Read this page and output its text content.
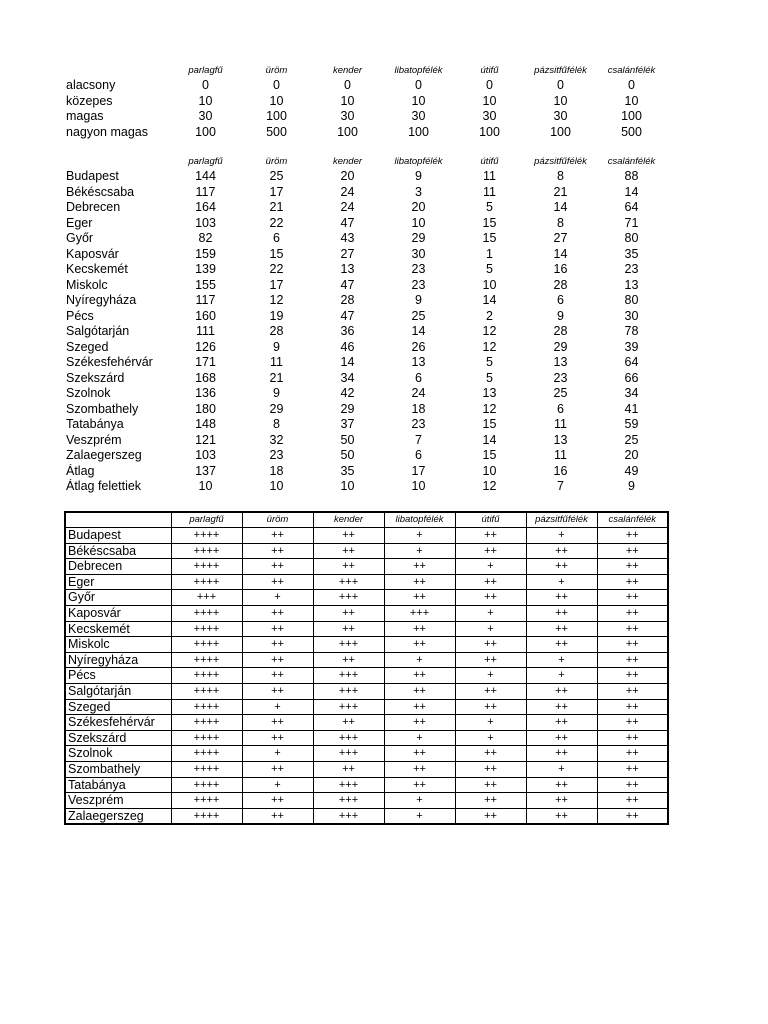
	parlagfű	üröm	kender	libatopfélék	útifű	pázsitfűfélék	csalánfélék
alacsony	0	0	0	0	0	0	0
közepes	10	10	10	10	10	10	10
magas	30	100	30	30	30	30	100
nagyon magas	100	500	100	100	100	100	500
	parlagfű	üröm	kender	libatopfélék	útifű	pázsitfűfélék	csalánfélék
Budapest	144	25	20	9	11	8	88
Békéscsaba	117	17	24	3	11	21	14
Debrecen	164	21	24	20	5	14	64
Eger	103	22	47	10	15	8	71
Győr	82	6	43	29	15	27	80
Kaposvár	159	15	27	30	1	14	35
Kecskemét	139	22	13	23	5	16	23
Miskolc	155	17	47	23	10	28	13
Nyíregyháza	117	12	28	9	14	6	80
Pécs	160	19	47	25	2	9	30
Salgótarján	111	28	36	14	12	28	78
Szeged	126	9	46	26	12	29	39
Székesfehérvár	171	11	14	13	5	13	64
Szekszárd	168	21	34	6	5	23	66
Szolnok	136	9	42	24	13	25	34
Szombathely	180	29	29	18	12	6	41
Tatabánya	148	8	37	23	15	11	59
Veszprém	121	32	50	7	14	13	25
Zalaegerszeg	103	23	50	6	15	11	20
Átlag	137	18	35	17	10	16	49
Átlag felettiek	10	10	10	10	12	7	9
	parlagfű	üröm	kender	libatopfélék	útifű	pázsitfűfélék	csalánfélék
Budapest	++++	++	++	+	++	+	++
Békéscsaba	++++	++	++	+	++	++	++
Debrecen	++++	++	++	++	+	++	++
Eger	++++	++	+++	++	++	+	++
Győr	+++	+	+++	++	++	++	++
Kaposvár	++++	++	++	+++	+	++	++
Kecskemét	++++	++	++	++	+	++	++
Miskolc	++++	++	+++	++	++	++	++
Nyíregyháza	++++	++	++	+	++	+	++
Pécs	++++	++	+++	++	+	+	++
Salgótarján	++++	++	+++	++	++	++	++
Szeged	++++	+	+++	++	++	++	++
Székesfehérvár	++++	++	++	++	+	++	++
Szekszárd	++++	++	+++	+	+	++	++
Szolnok	++++	+	+++	++	++	++	++
Szombathely	++++	++	++	++	++	+	++
Tatabánya	++++	+	+++	++	++	++	++
Veszprém	++++	++	+++	+	++	++	++
Zalaegerszeg	++++	++	+++	+	++	++	++
